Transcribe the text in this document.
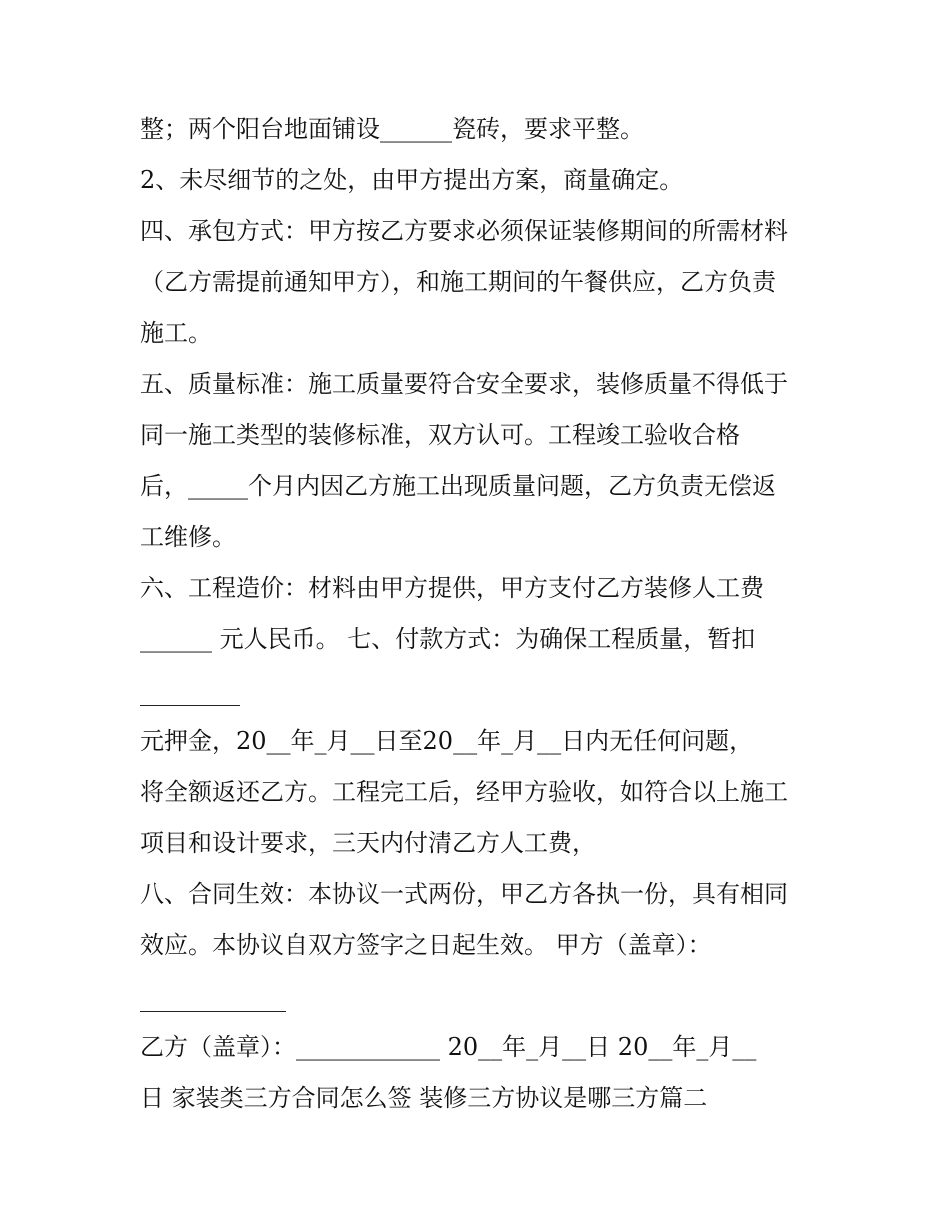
整；两个阳台地面铺设______瓷砖，要求平整。
2、未尽细节的之处，由甲方提出方案，商量确定。
四、承包方式：甲方按乙方要求必须保证装修期间的所需材料
（乙方需提前通知甲方），和施工期间的午餐供应，乙方负责
施工。
五、质量标准：施工质量要符合安全要求，装修质量不得低于
同一施工类型的装修标准，双方认可。工程竣工验收合格
后，_____个月内因乙方施工出现质量问题，乙方负责无偿返
工维修。
六、工程造价：材料由甲方提供，甲方支付乙方装修人工费
______ 元人民币。 七、付款方式：为确保工程质量，暂扣
元押金，20__年_月__日至20__年_月__日内无任何问题，
将全额返还乙方。工程完工后，经甲方验收，如符合以上施工
项目和设计要求，三天内付清乙方人工费，
八、合同生效：本协议一式两份，甲乙方各执一份，具有相同
效应。本协议自双方签字之日起生效。 甲方（盖章）：
乙方（盖章）：____________ 20__年_月__日 20__年_月__
日 家装类三方合同怎么签 装修三方协议是哪三方篇二
